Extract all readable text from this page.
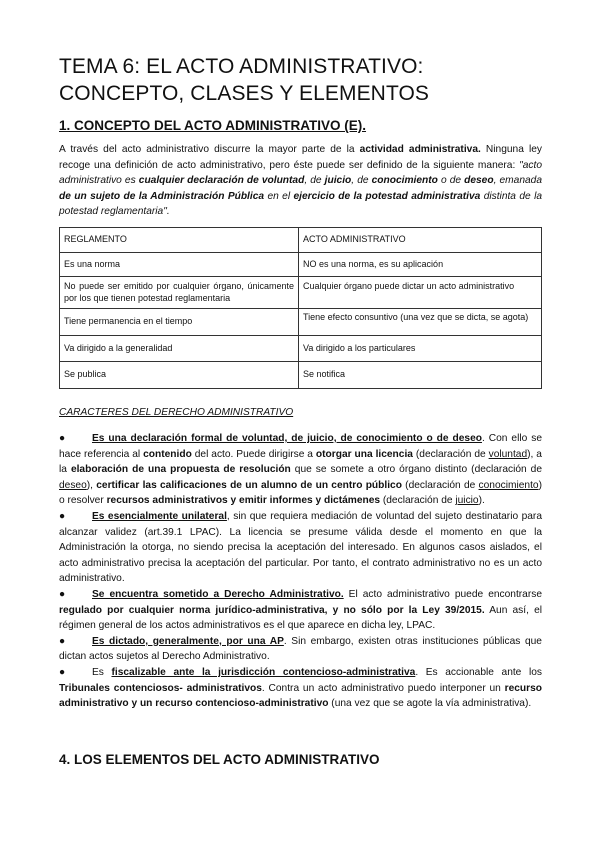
TEMA 6: EL ACTO ADMINISTRATIVO: CONCEPTO, CLASES Y ELEMENTOS
1. CONCEPTO DEL ACTO ADMINISTRATIVO (E).
A través del acto administrativo discurre la mayor parte de la actividad administrativa. Ninguna ley recoge una definición de acto administrativo, pero éste puede ser definido de la siguiente manera: "acto administrativo es cualquier declaración de voluntad, de juicio, de conocimiento o de deseo, emanada de un sujeto de la Administración Pública en el ejercicio de la potestad administrativa distinta de la potestad reglamentaria".
REGLAMENTO	ACTO ADMINISTRATIVO
Es una norma	NO es una norma, es su aplicación
No puede ser emitido por cualquier órgano, únicamente por los que tienen potestad reglamentaria	Cualquier órgano puede dictar un acto administrativo
Tiene permanencia en el tiempo	Tiene efecto consuntivo (una vez que se dicta, se agota)
Va dirigido a la generalidad	Va dirigido a los particulares
Se publica	Se notifica
CARACTERES DEL DERECHO ADMINISTRATIVO

●	Es una declaración formal de voluntad, de juicio, de conocimiento o de deseo. Con ello se hace referencia al contenido del acto. Puede dirigirse a otorgar una licencia (declaración de voluntad), a la elaboración de una propuesta de resolución que se somete a otro órgano distinto (declaración de deseo), certificar las calificaciones de un alumno de un centro público (declaración de conocimiento) o resolver recursos administrativos y emitir informes y dictámenes (declaración de juicio).

●	Es esencialmente unilateral, sin que requiera mediación de voluntad del sujeto destinatario para alcanzar validez (art.39.1 LPAC). La licencia se presume válida desde el momento en que la Administración la otorga, no siendo precisa la aceptación del interesado. En algunos casos aislados, el acto administrativo precisa la aceptación del particular. Por tanto, el contrato administrativo no es un acto administrativo.

●	Se encuentra sometido a Derecho Administrativo. El acto administrativo puede encontrarse regulado por cualquier norma jurídico-administrativa, y no sólo por la Ley 39/2015. Aun así, el régimen general de los actos administrativos es el que aparece en dicha ley, LPAC.

●	Es dictado, generalmente, por una AP. Sin embargo, existen otras instituciones públicas que dictan actos sujetos al Derecho Administrativo.

●	Es fiscalizable ante la jurisdicción contencioso-administrativa. Es accionable ante los Tribunales contenciosos- administrativos. Contra un acto administrativo puedo interponer un recurso administrativo y un recurso contencioso-administrativo (una vez que se agote la vía administrativa).

4. LOS ELEMENTOS DEL ACTO ADMINISTRATIVO
